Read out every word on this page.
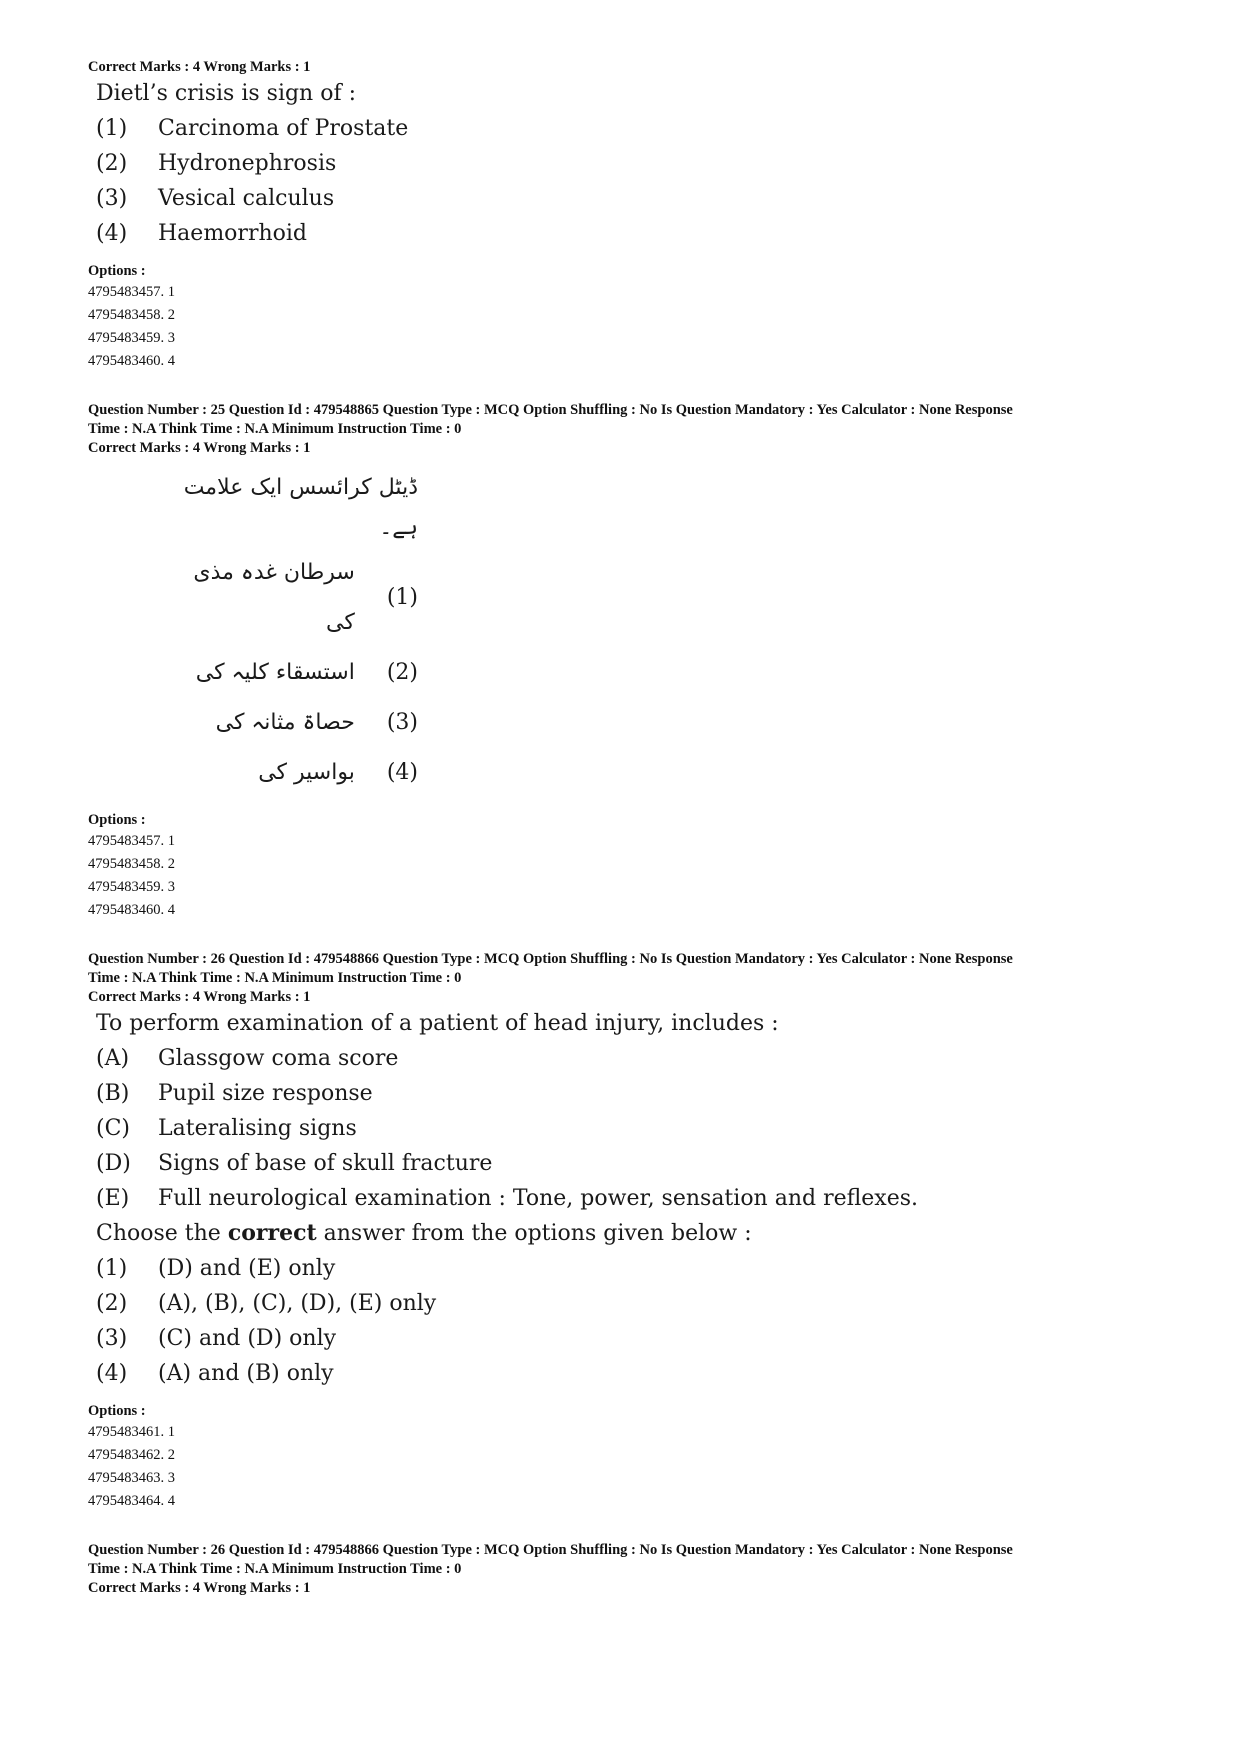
Correct Marks : 4 Wrong Marks : 1

Dietl’s crisis is sign of :
(1)	Carcinoma of Prostate
(2)	Hydronephrosis
(3)	Vesical calculus
(4)	Haemorrhoid
Options :
4795483457. 1
4795483458. 2
4795483459. 3
4795483460. 4

Question Number : 25 Question Id : 479548865 Question Type : MCQ Option Shuffling : No Is Question Mandatory : Yes Calculator : None Response

Time : N.A Think Time : N.A Minimum Instruction Time : 0

Correct Marks : 4 Wrong Marks : 1

ڈیٹل کرائسس ایک علامت ہے۔
سرطان غدہ مذی کی
(1)
استسقاء کلیہ کی (2)
حصاۃ مثانہ کی (3)
بواسیر کی (4)
Options :
4795483457. 1
4795483458. 2
4795483459. 3
4795483460. 4

Question Number : 26 Question Id : 479548866 Question Type : MCQ Option Shuffling : No Is Question Mandatory : Yes Calculator : None Response

Time : N.A Think Time : N.A Minimum Instruction Time : 0

Correct Marks : 4 Wrong Marks : 1

To perform examination of a patient of head injury, includes :
(A)	Glassgow coma score
(B)	Pupil size response
(C)	Lateralising signs
(D)	Signs of base of skull fracture
(E)	Full neurological examination : Tone, power, sensation and reflexes.
Choose the correct answer from the options given below :
(1)	(D) and (E) only
(2)	(A), (B), (C), (D), (E) only
(3)	(C) and (D) only
(4)	(A) and (B) only
Options :
4795483461. 1
4795483462. 2
4795483463. 3
4795483464. 4

Question Number : 26 Question Id : 479548866 Question Type : MCQ Option Shuffling : No Is Question Mandatory : Yes Calculator : None Response

Time : N.A Think Time : N.A Minimum Instruction Time : 0

Correct Marks : 4 Wrong Marks : 1
